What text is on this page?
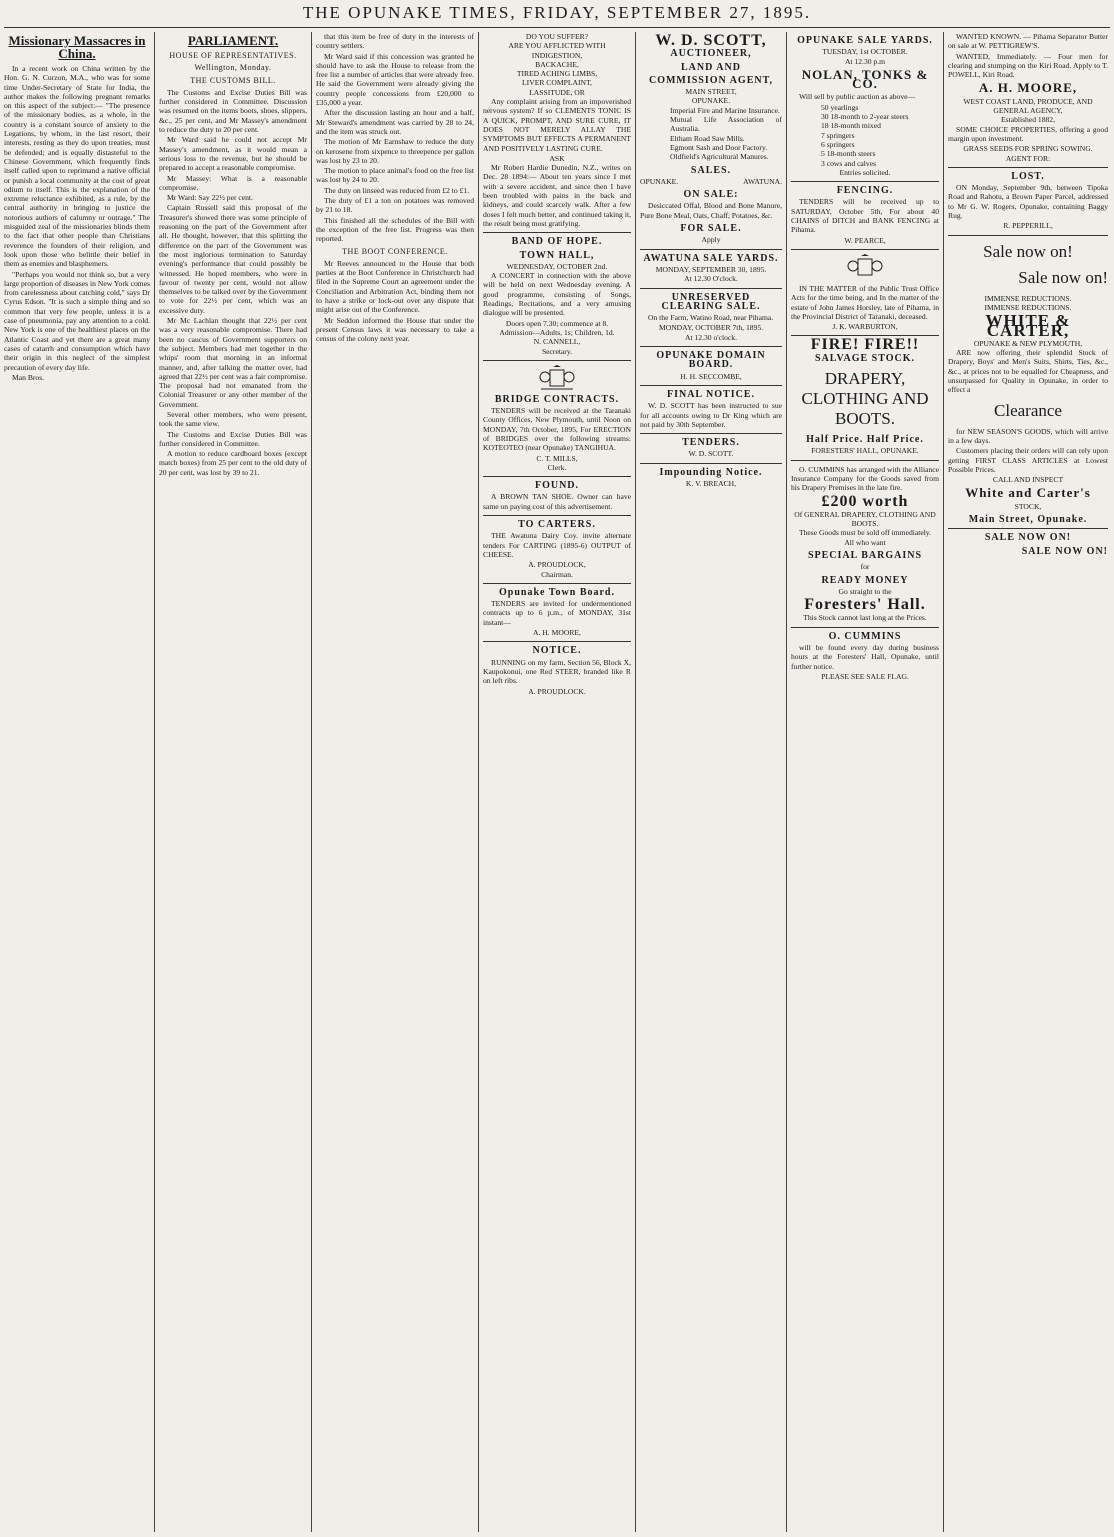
THE OPUNAKE TIMES, FRIDAY, SEPTEMBER 27, 1895.
Missionary Massacres in China.

In a recent work on China written by the Hon. G. N. Curzon, M.A., who was for some time Under-Secretary of State for India, the author makes the following pregnant remarks on this aspect of the subject:— "The presence of the missionary bodies, as a whole, in the country is a constant source of anxiety to the Legations, by whom, in the last resort, their interests, resting as they do upon treaties, must be defended; and is equally distasteful to the Chinese Government, which frequently finds itself called upon to reprimand a native official or punish a local community at the cost of great odium to itself. This is the explanation of the extreme reluctance exhibited, as a rule, by the central authority in bringing to justice the notorious authors of calumny or outrage." The misguided zeal of the missionaries blinds them to the fact that other people than Christians reverence the founders of their religion, and look upon those who belittle their belief in them as enemies and blasphemers.

"Perhaps you would not think so, but a very large proportion of diseases in New York comes from carelessness about catching cold," says Dr Cyrus Edson. "It is such a simple thing and so common that very few people, unless it is a case of pneumonia, pay any attention to a cold. New York is one of the healthiest places on the Atlantic Coast and yet there are a great many cases of catarrh and consumption which have their origin in this neglect of the simplest precaution of every day life.

Man Bros.

PARLIAMENT.
HOUSE OF REPRESENTATIVES.
Wellington, Monday.
THE CUSTOMS BILL.

The Customs and Excise Duties Bill was further considered in Committee. Discussion was resumed on the items boots, shoes, slippers, &c., 25 per cent, and Mr Massey's amendment to reduce the duty to 20 per cent.

Mr Ward said he could not accept Mr Massey's amendment, as it would mean a serious loss to the revenue, but he should be prepared to accept a reasonable compromise.

Mr Massey: What is a reasonable compromise.

Mr Ward: Say 22½ per cent.

Captain Russell said this proposal of the Treasurer's showed there was some principle of reasoning on the part of the Government after all. He thought, however, that this splitting the difference on the part of the Government was the most inglorious termination to Saturday evening's performance that could possibly be witnessed. He hoped members, who were in favour of twenty per cent, would not allow themselves to be talked over by the Government to vote for 22½ per cent, which was an excessive duty.

Mr Mc Lachlan thought that 22½ per cent was a very reasonable compromise. There had been no caucus of Government supporters on the subject. Members had met together in the whips' room that morning in an informal manner, and, after talking the matter over, had agreed that 22½ per cent was a fair compromise. The proposal had not emanated from the Colonial Treasurer or any other member of the Government.

Several other members, who were present, took the same view.

The Customs and Excise Duties Bill was further considered in Committee.

A motion to reduce cardboard boxes (except match boxes) from 25 per cent to the old duty of 20 per cent, was lost by 39 to 21.

that this item be free of duty in the interests of country settlers.

Mr Ward said if this concession was granted he should have to ask the House to release from the free list a number of articles that were already free. He said the Government were already giving the country people concessions from £20,000 to £35,000 a year.

After the discussion lasting an hour and a half, Mr Steward's amendment was carried by 28 to 24, and the item was struck out.

The motion of Mr Earnshaw to reduce the duty on kerosene from sixpence to threepence per gallon was lost by 23 to 20.

The motion to place animal's food on the free list was lost by 24 to 20.

The duty on linseed was reduced from £2 to £1.

The duty of £1 a ton on potatoes was removed by 21 to 18.

This finished all the schedules of the Bill with the exception of the free list. Progress was then reported.

THE BOOT CONFERENCE.

Mr Reeves announced to the House that both parties at the Boot Conference in Christchurch had filed in the Supreme Court an agreement under the Conciliation and Arbitration Act, binding them not to have a strike or lock-out over any dispute that might arise out of the Conference.

Mr Seddon informed the House that under the present Census laws it was necessary to take a census of the colony next year.

DO YOU SUFFER?
ARE YOU AFFLICTED WITH
INDIGESTION,
BACKACHE,
TIRED ACHING LIMBS,
LIVER COMPLAINT,
LASSITUDE, OR

Any complaint arising from an impoverished nervous system? If so CLEMENTS TONIC IS A QUICK, PROMPT, AND SURE CURE, IT DOES NOT MERELY ALLAY THE SYMPTOMS BUT EFFECTS A PERMANENT AND POSITIVELY LASTING CURE.

ASK

Mr Robert Hardie Dunedin, N.Z., writes on Dec. 28 1894:— About ten years since I met with a severe accident, and since then I have been troubled with pains in the back and kidneys, and could scarcely walk. After a few doses I felt much better, and continued taking it, the result being most gratifying.

BAND OF HOPE.
TOWN HALL,
WEDNESDAY, OCTOBER 2nd.

A CONCERT in connection with the above will be held on next Wednesday evening. A good programme, consisting of Songs, Readings, Recitations, and a very amusing dialogue will be presented.

Doors open 7.30; commence at 8.
Admission—Adults, 1s; Children, 1d.
N. CANNELL,
Secretary.
BRIDGE CONTRACTS.

TENDERS will be received at the Taranaki County Offices, New Plymouth, until Noon on MONDAY, 7th October, 1895, For ERECTION of BRIDGES over the following streams: KOTEOTEO (near Opunake) TANGIHUA.

C. T. MILLS,
Clerk.
FOUND.

A BROWN TAN SHOE. Owner can have same on paying cost of this advertisement.

TO CARTERS.

THE Awatuna Dairy Coy. invite alternate tenders For CARTING (1895-6) OUTPUT of CHEESE.

A. PROUDLOCK,
Chairman.
Opunake Town Board.

TENDERS are invited for undermentioned contracts up to 6 p.m., of MONDAY, 31st instant—

A. H. MOORE,
NOTICE.

RUNNING on my farm, Section 56, Block X, Kaupokonui, one Red STEER, branded like R on left ribs.

A. PROUDLOCK.
W. D. SCOTT,
AUCTIONEER,
LAND AND
COMMISSION AGENT,
MAIN STREET,
OPUNAKE.
Imperial Fire and Marine Insurance.
Mutual Life Association of Australia.
Eltham Road Saw Mills.
Egmont Sash and Door Factory.
Oldfield's Agricultural Manures.
SALES.
OPUNAKE.	AWATUNA.
ON SALE:

Desiccated Offal, Blood and Bone Manure, Pure Bone Meal, Oats, Chaff, Potatoes, &c.

FOR SALE.
Apply
AWATUNA SALE YARDS.
MONDAY, SEPTEMBER 30, 1895.
At 12.30 O'clock.
UNRESERVED CLEARING SALE.

On the Farm, Watino Road, near Pihama.

MONDAY, OCTOBER 7th, 1895.
At 12.30 o'clock.
OPUNAKE DOMAIN BOARD.
H. H. SECCOMBE,
FINAL NOTICE.

W. D. SCOTT has been instructed to sue for all accounts owing to Dr King which are not paid by 30th September.

TENDERS.
W. D. SCOTT.
Impounding Notice.
K. V. BREACH,
OPUNAKE SALE YARDS.
TUESDAY, 1st OCTOBER.
At 12.30 p.m
NOLAN, TONKS & CO.

Will sell by public auction as above—

50 yearlings
30 18-month to 2-year steers
18 18-month mixed
7 springers
6 springers
5 18-month steers
3 cows and calves
Entries solicited.
FENCING.

TENDERS will be received up to SATURDAY, October 5th, For about 40 CHAINS of DITCH and BANK FENCING at Pihama.

W. PEARCE,

IN THE MATTER of the Public Trust Office Acts for the time being, and In the matter of the estate of John James Horsley, late of Pihama, in the Provincial District of Taranaki, deceased.

J. K. WARBURTON,
FIRE! FIRE!!
SALVAGE STOCK.
DRAPERY, CLOTHING AND BOOTS.
Half Price. Half Price.
FORESTERS' HALL, OPUNAKE.

O. CUMMINS has arranged with the Alliance Insurance Company for the Goods saved from his Drapery Premises in the late fire.

£200 worth
Of GENERAL DRAPERY, CLOTHING AND BOOTS.
These Goods must be sold off immediately.
All who want
SPECIAL BARGAINS
for
READY MONEY
Go straight to the
Foresters' Hall.
This Stock cannot last long at the Prices.
O. CUMMINS

will be found every day during business hours at the Foresters' Hall, Opunake, until further notice.

PLEASE SEE SALE FLAG.

WANTED KNOWN. — Pihama Separator Butter on sale at W. PETTIGREW'S.

WANTED, Immediately. — Four men for clearing and stumping on the Kiri Road. Apply to T. POWELL, Kiri Road.

A. H. MOORE,
WEST COAST LAND, PRODUCE, AND GENERAL AGENCY,
Established 1882,

SOME CHOICE PROPERTIES, offering a good margin upon investment.

GRASS SEEDS FOR SPRING SOWING.
AGENT FOR:
LOST.

ON Monday, September 9th, between Tipoka Road and Rahotu, a Brown Paper Parcel, addressed to Mr G. W. Rogers, Opunake, containing Baggy Rug.

R. PEPPERILL,
Sale now on!
Sale now on!
IMMENSE REDUCTIONS.
IMMENSE REDUCTIONS.
WHITE & CARTER,
OPUNAKE & NEW PLYMOUTH,

ARE now offering their splendid Stock of Drapery, Boys' and Men's Suits, Shirts, Ties, &c., &c., at prices not to be equalled for Cheapness, and unsurpassed for Quality in Opunake, in order to effect a

Clearance

for NEW SEASON'S GOODS, which will arrive in a few days.

Customers placing their orders will can rely upon getting FIRST CLASS ARTICLES at Lowest Possible Prices.

CALL AND INSPECT
White and Carter's
STOCK,
Main Street, Opunake.
SALE NOW ON!
SALE NOW ON!
